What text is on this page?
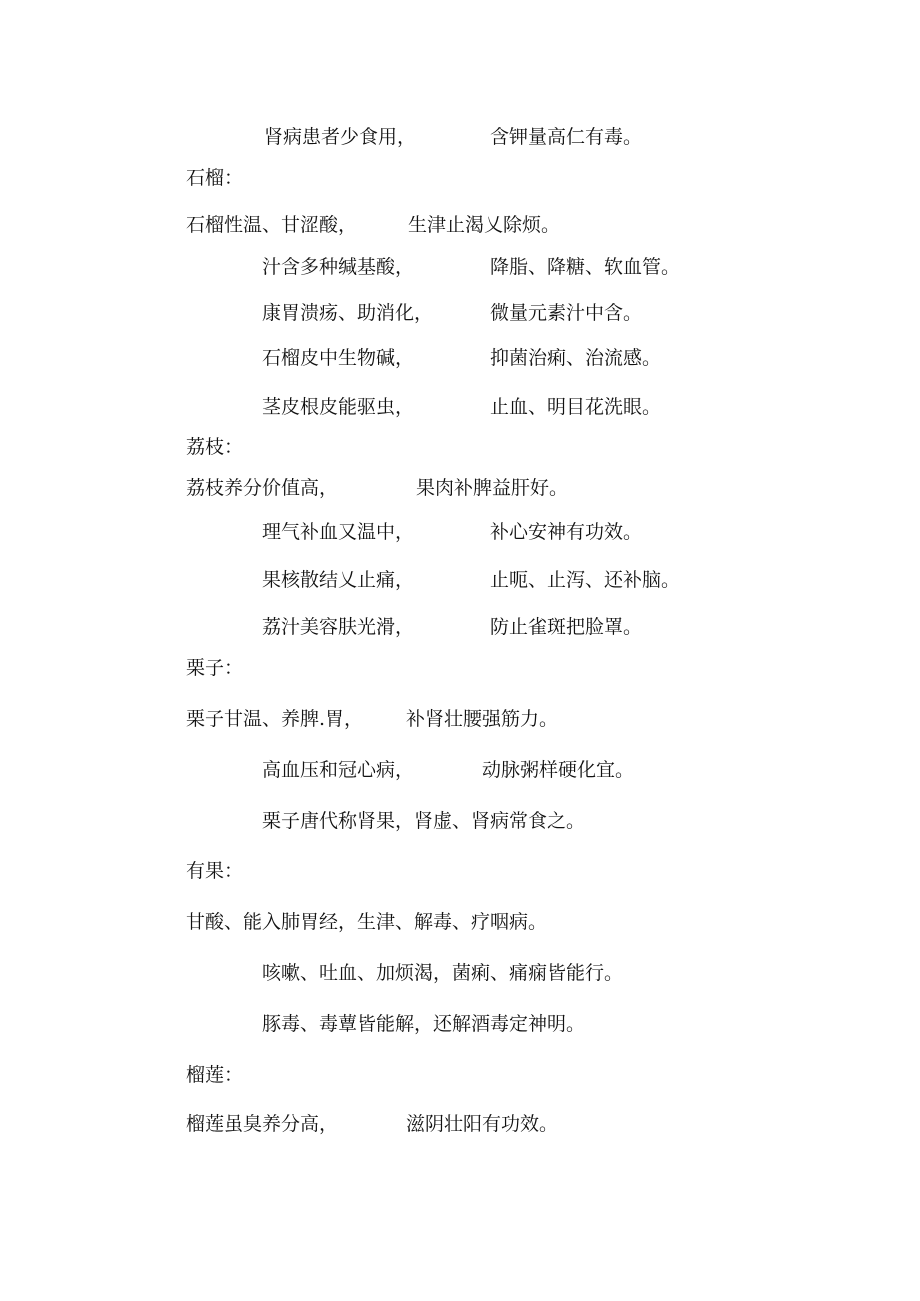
肾病患者少食用，	含钾量高仁有毒。
石榴：
石榴性温、甘涩酸，	生津止渴乂除烦。
汁含多种缄基酸，	降脂、降糖、软血管。
康胃溃疡、助消化，	微量元素汁中含。
石榴皮中生物碱，	抑菌治痢、治流感。
茎皮根皮能驱虫，	止血、明目花洗眼。
荔枝：
荔枝养分价值高，	果肉补脾益肝好。
理气补血又温中，	补心安神有功效。
果核散结乂止痛，	止呃、止泻、还补脑。
荔汁美容肤光滑，	防止雀斑把脸罩。
栗子：
栗子甘温、养脾.胃， 补肾壮腰强筋力。
高血压和冠心病，	动脉粥样硬化宜。
栗子唐代称肾果，肾虚、肾病常食之。
有果：
甘酸、能入肺胃经，生津、解毒、疗咽病。
咳嗽、吐血、加烦渴，菌痢、痛痫皆能行。
豚毒、毒蕈皆能解，还解酒毒定神明。
榴莲：
榴莲虽臭养分高，	滋阴壮阳有功效。
